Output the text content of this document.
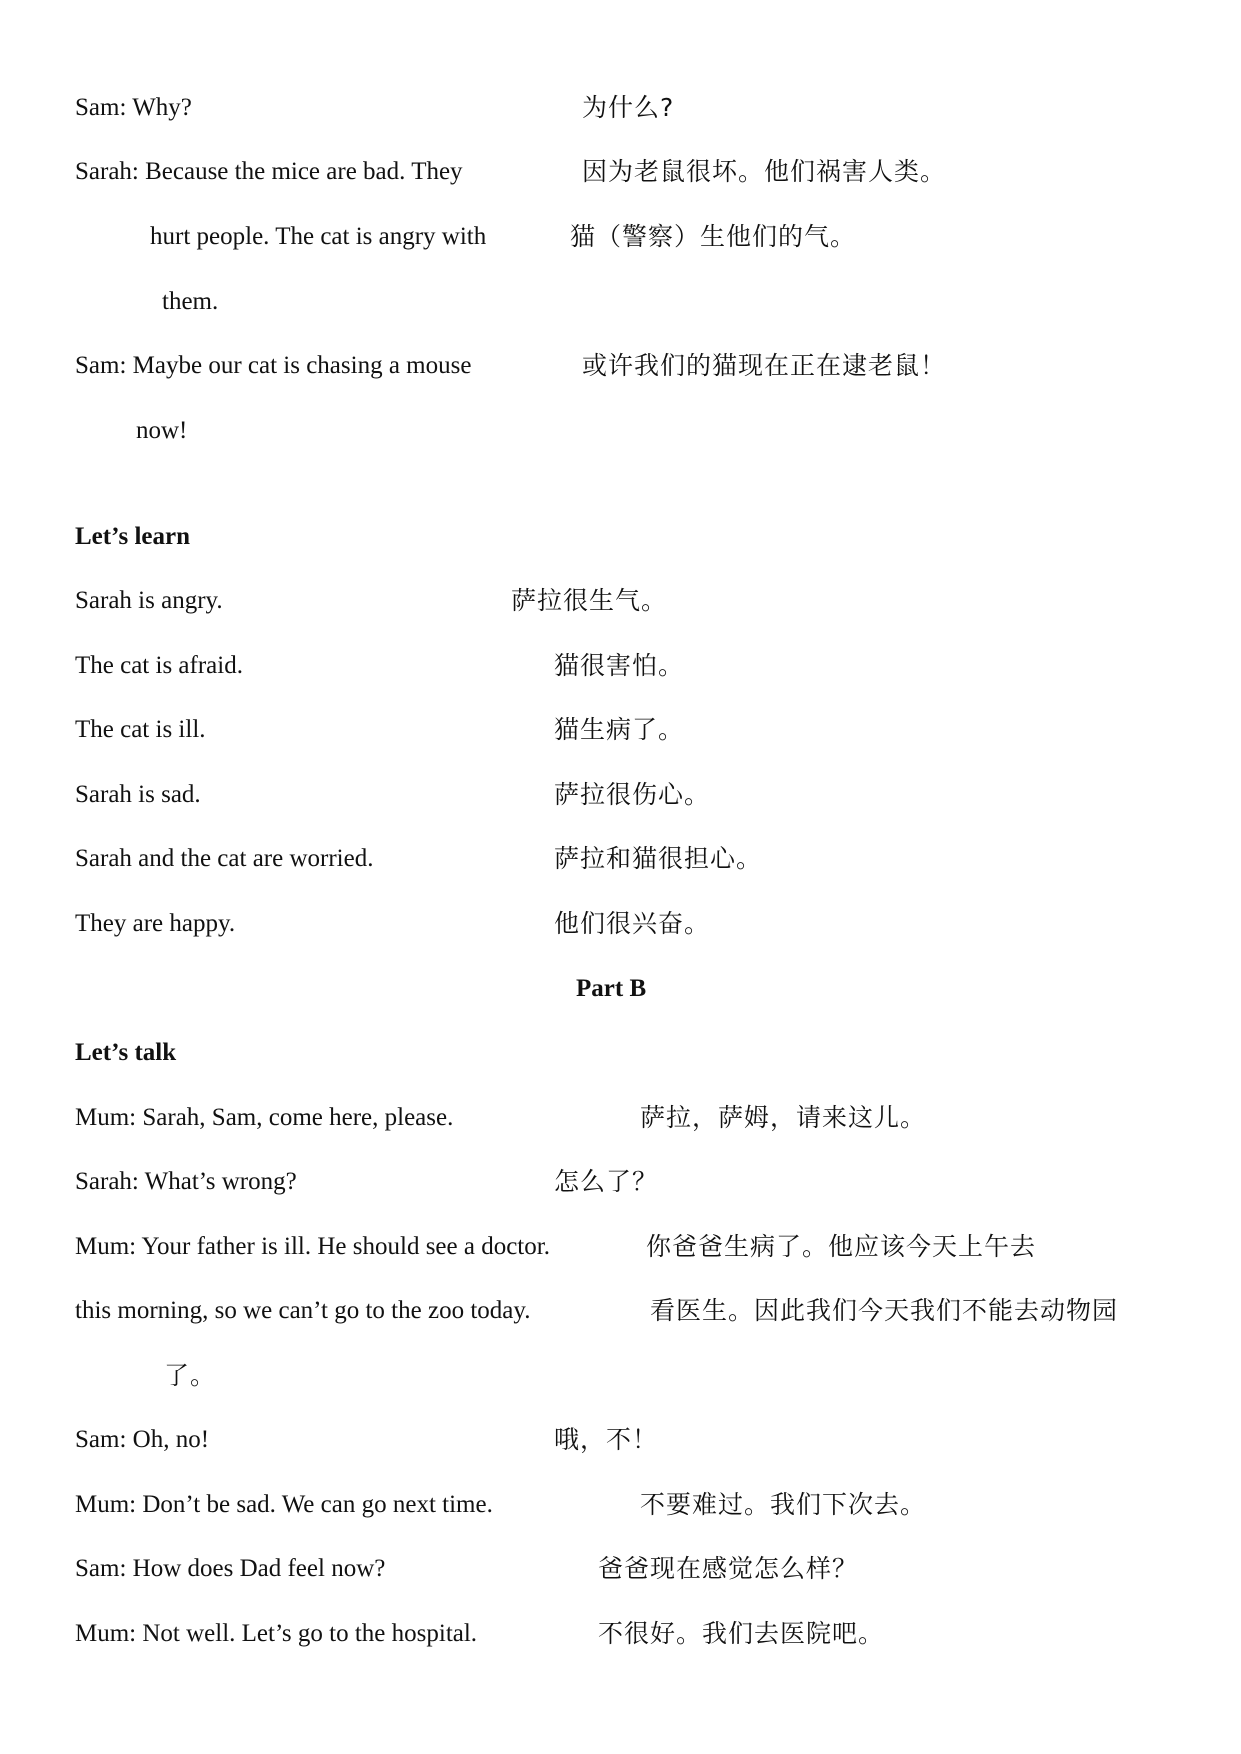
Sam: Why?	为什么?
Sarah: Because the mice are bad. They	因为老鼠很坏。他们祸害人类。
hurt people. The cat is angry with	猫（警察）生他们的气。
them.
Sam: Maybe our cat is chasing a mouse	或许我们的猫现在正在逮老鼠！
now!
Let’s learn
Sarah is angry.	萨拉很生气。
The cat is afraid.	猫很害怕。
The cat is ill.	猫生病了。
Sarah is sad.	萨拉很伤心。
Sarah and the cat are worried.	萨拉和猫很担心。
They are happy.	他们很兴奋。
Part B
Let’s talk
Mum: Sarah, Sam, come here, please.	萨拉，萨姆，请来这儿。
Sarah: What’s wrong?	怎么了？
Mum: Your father is ill. He should see a doctor.	你爸爸生病了。他应该今天上午去
this morning, so we can’t go to the zoo today.	看医生。因此我们今天我们不能去动物园
了。
Sam: Oh, no!	哦，不！
Mum: Don’t be sad. We can go next time.	不要难过。我们下次去。
Sam: How does Dad feel now?	爸爸现在感觉怎么样？
Mum: Not well. Let’s go to the hospital.	不很好。我们去医院吧。
